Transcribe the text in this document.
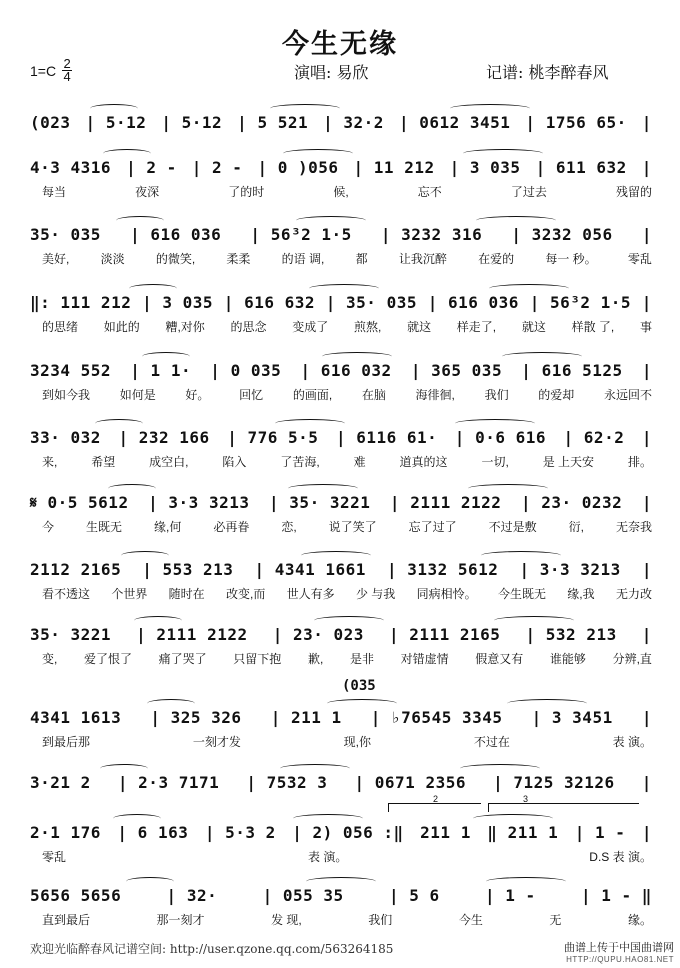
今生无缘
$1=C \frac{2}{4}$	演唱: 易欣	记谱: 桃李醉春风
(023 | 5·12 | 5·12 | 5 521 | 32·2 | 0612 3451 | 1756 65· |
4·3 4316 | 2 - | 2 - | 0 )056 | 11 212 | 3 035 | 611 632 |
每当	夜深	了的时	候,	忘不	了过去	残留的
35· 035 | 616 036 | 56³2 1·5 | 3232 316 | 3232 056 |
美好,	淡淡	的微笑,	柔柔	的语 调,	都	让我沉醉	在爱的	每一 秒。	零乱
‖: 111 212 | 3 035 | 616 632 | 35· 035 | 616 036 | 56³2 1·5 |
的思绪 如此的 糟,对你 的思念 变成了 煎熬, 就这 样走了, 就这 样散 了, 事
3234 552 | 1 1· | 0 035 | 616 032 | 365 035 | 616 5125 |
到如今我 如何是 好。 回忆 的画面, 在脑 海徘徊, 我们 的爱却 永远回不
33· 032 | 232 166 | 776 5·5 | 6116 61· | 0·6 616 | 62·2 |
来,	希望	成空白,	陷入	了苦海,	难	道真的这	一切,	是 上天安	排。
𝄋 0·5 5612 | 3·3 3213 | 35· 3221 | 2111 2122 | 23· 0232 |
今	生既无	缘,何	必再眷	恋,	说了笑了	忘了过了	不过是敷	衍,	无奈我
2112 2165 | 553 213 | 4341 1661 | 3132 5612 | 3·3 3213 |
看不透这 个世界 随时在 改变,而 世人有多 少 与我 同病相怜。 今生既无 缘,我 无力改
35· 3221 | 2111 2122 | 23· 023 | 2111 2165 | 532 213 |
变, 爱了恨了 痛了哭了 只留下抱 歉, 是非 对错虚情 假意又有 谁能够 分辨,直
4341 1613 | 325 326 | 211 1 | ♭76545 3345 | 3 3451 |
到最后那	一刻才发	现,你	不过在	表 演。
3·21 2 | 2·3 7171 | 7532 3 | 0671 2356 | 7125 32126 |
2·1 176 | 6 163 | 5·3 2 | 2) 056 :‖ 211 1 ‖ 211 1 | 1 - |
零乱	表 演。	D.S 表 演。
5656 5656	| 32·	| 055 35	| 5 6	| 1 -	| 1 - ‖
直到最后	那一刻才	发 现,	我们	今生	无	缘。
(035
2	3
欢迎光临醉春风记谱空间: http://user.qzone.qq.com/563264185	曲谱上传于中国曲谱网
HTTP://QUPU.HAO81.NET
